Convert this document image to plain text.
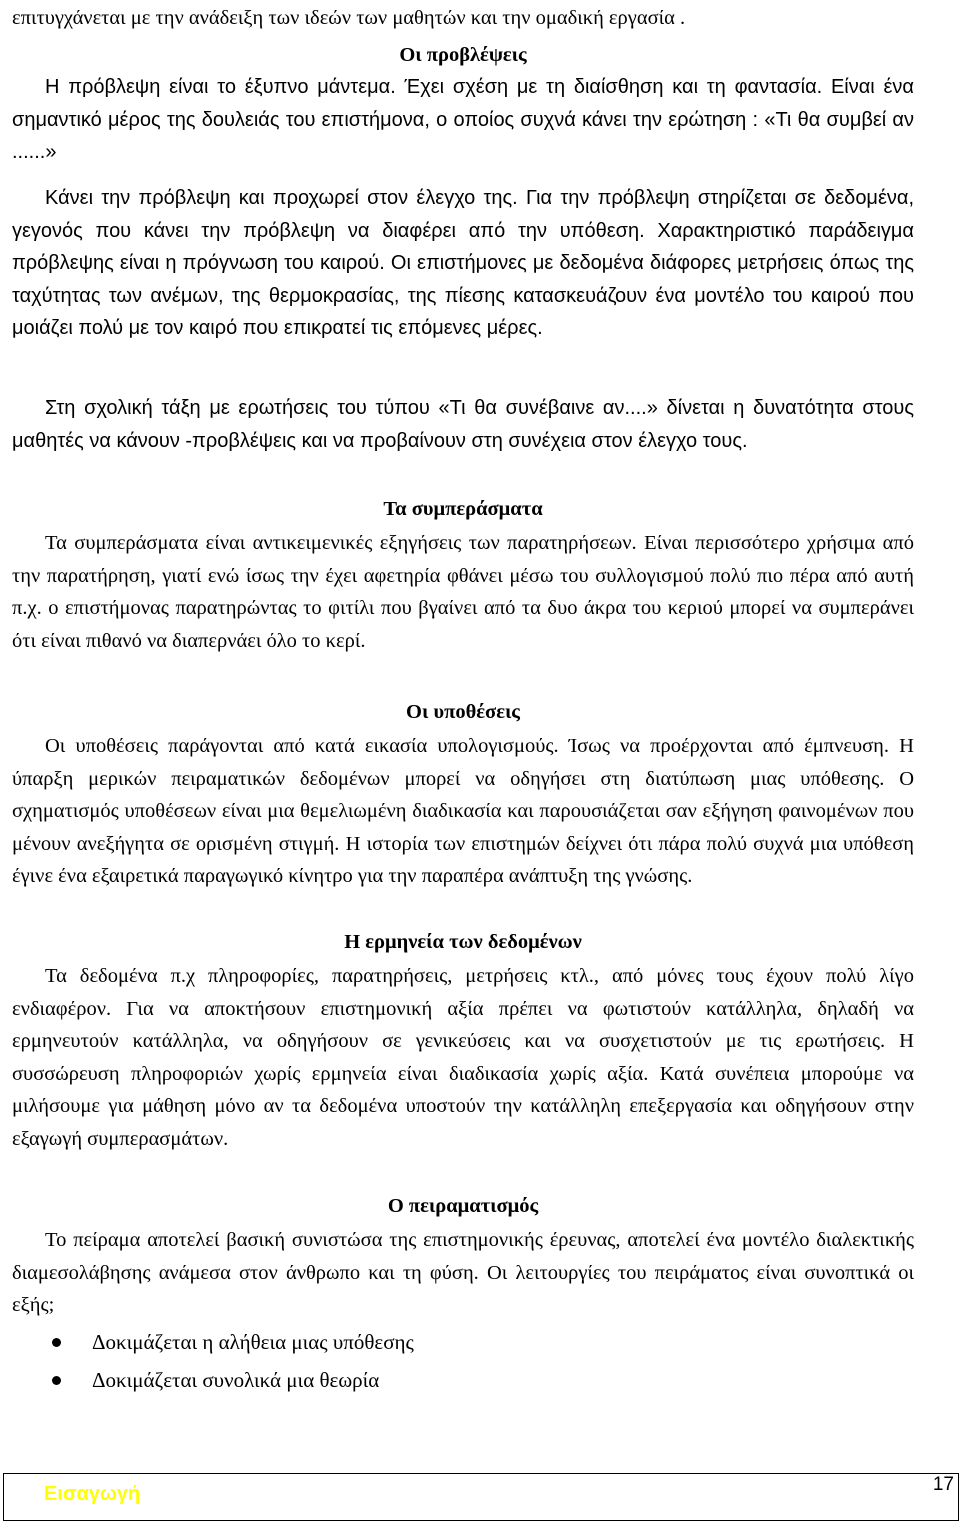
επιτυγχάνεται με την ανάδειξη των ιδεών των μαθητών και την ομαδική εργασία .

Οι προβλέψεις

Η πρόβλεψη είναι το έξυπνο μάντεμα. Έχει σχέση με τη διαίσθηση και τη φαντασία. Είναι ένα σημαντικό μέρος της δουλειάς του επιστήμονα, ο οποίος συχνά κάνει την ερώτηση : «Τι θα συμβεί αν ......»

Κάνει την πρόβλεψη και προχωρεί στον έλεγχο της. Για την πρόβλεψη στηρίζεται σε δεδομένα, γεγονός που κάνει την πρόβλεψη να διαφέρει από την υπόθεση. Χαρακτηριστικό παράδειγμα πρόβλεψης είναι η πρόγνωση του καιρού. Οι επιστήμονες με δεδομένα διάφορες μετρήσεις όπως της ταχύτητας των ανέμων, της θερμοκρασίας, της πίεσης κατασκευάζουν ένα μοντέλο του καιρού που μοιάζει πολύ με τον καιρό που επικρατεί τις επόμενες μέρες.

Στη σχολική τάξη με ερωτήσεις του τύπου «Τι θα συνέβαινε αν....» δίνεται η δυνατότητα στους μαθητές να κάνουν -προβλέψεις και να προβαίνουν στη συνέχεια στον έλεγχο τους.

Τα συμπεράσματα

Τα συμπεράσματα είναι αντικειμενικές εξηγήσεις των παρατηρήσεων. Είναι περισσότερο χρήσιμα από την παρατήρηση, γιατί ενώ ίσως την έχει αφετηρία φθάνει μέσω του συλλογισμού πολύ πιο πέρα από αυτή π.χ. ο επιστήμονας παρατηρώντας το φιτίλι που βγαίνει από τα δυο άκρα του κεριού μπορεί να συμπεράνει ότι είναι πιθανό να διαπερνάει όλο το κερί.

Οι υποθέσεις

Οι υποθέσεις παράγονται από κατά εικασία υπολογισμούς. Ίσως να προέρχονται από έμπνευση. Η ύπαρξη μερικών πειραματικών δεδομένων μπορεί να οδηγήσει στη διατύπωση μιας υπόθεσης. Ο σχηματισμός υποθέσεων είναι μια θεμελιωμένη διαδικασία και παρουσιάζεται σαν εξήγηση φαινομένων που μένουν ανεξήγητα σε ορισμένη στιγμή. Η ιστορία των επιστημών δείχνει ότι πάρα πολύ συχνά μια υπόθεση έγινε ένα εξαιρετικά παραγωγικό κίνητρο για την παραπέρα ανάπτυξη της γνώσης.

Η ερμηνεία των δεδομένων

Τα δεδομένα π.χ πληροφορίες, παρατηρήσεις, μετρήσεις κτλ., από μόνες τους έχουν πολύ λίγο ενδιαφέρον. Για να αποκτήσουν επιστημονική αξία πρέπει να φωτιστούν κατάλληλα, δηλαδή να ερμηνευτούν κατάλληλα, να οδηγήσουν σε γενικεύσεις και να συσχετιστούν με τις ερωτήσεις. Η συσσώρευση πληροφοριών χωρίς ερμηνεία είναι διαδικασία χωρίς αξία. Κατά συνέπεια μπορούμε να μιλήσουμε για μάθηση μόνο αν τα δεδομένα υποστούν την κατάλληλη επεξεργασία και οδηγήσουν στην εξαγωγή συμπερασμάτων.

Ο πειραματισμός

Το πείραμα αποτελεί βασική συνιστώσα της επιστημονικής έρευνας, αποτελεί ένα μοντέλο διαλεκτικής διαμεσολάβησης ανάμεσα στον άνθρωπο και τη φύση. Οι λειτουργίες του πειράματος είναι συνοπτικά οι εξής;

Δοκιμάζεται η αλήθεια μιας υπόθεσης
Δοκιμάζεται συνολικά μια θεωρία
Εισαγωγή	17
